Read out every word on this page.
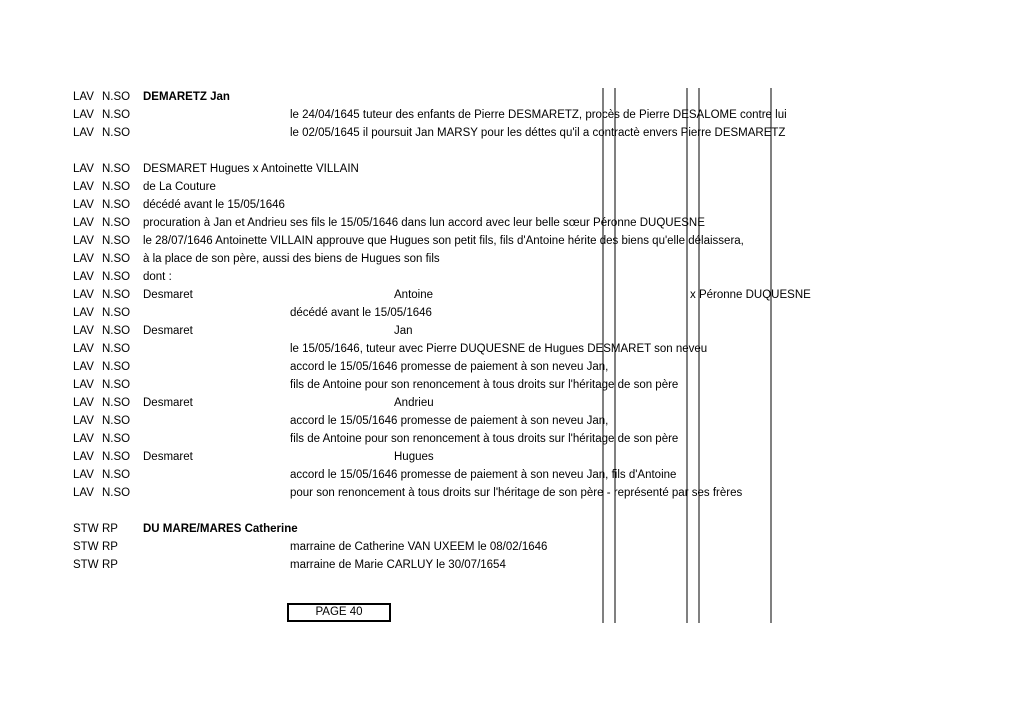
LAV N.SO DEMARETZ Jan
LAV N.SO	le 24/04/1645 tuteur des enfants de Pierre DESMARETZ, procès de Pierre DESALOME contre lui
LAV N.SO	le 02/05/1645 il poursuit Jan MARSY pour les déttes qu'il a contractè envers Pierre DESMARETZ
LAV N.SO DESMARET Hugues x Antoinette VILLAIN
LAV N.SO de La Couture
LAV N.SO décédé avant le 15/05/1646
LAV N.SO procuration à Jan et Andrieu ses fils le 15/05/1646 dans lun accord avec leur belle sœur Péronne DUQUESNE
LAV N.SO le 28/07/1646 Antoinette VILLAIN approuve que Hugues son petit fils, fils d'Antoine hérite des biens qu'elle délaissera,
LAV N.SO à la place de son père, aussi des biens de Hugues son fils
LAV N.SO dont :
LAV N.SO Desmaret	Antoine	x Péronne DUQUESNE
LAV N.SO	décédé avant le 15/05/1646
LAV N.SO Desmaret	Jan
LAV N.SO	le 15/05/1646, tuteur avec Pierre DUQUESNE de Hugues DESMARET son neveu
LAV N.SO	accord le 15/05/1646 promesse de paiement à son neveu Jan,
LAV N.SO	fils de Antoine pour son renoncement à tous droits sur l'héritage de son père
LAV N.SO Desmaret	Andrieu
LAV N.SO	accord le 15/05/1646 promesse de paiement à son neveu Jan,
LAV N.SO	fils de Antoine pour son renoncement à tous droits sur l'héritage de son père
LAV N.SO Desmaret	Hugues
LAV N.SO	accord le 15/05/1646 promesse de paiement à son neveu Jan, fils d'Antoine
LAV N.SO	pour son renoncement à tous droits sur l'héritage de son père - représenté par ses frères
STW RP DU MARE/MARES Catherine
STW RP	marraine de Catherine VAN UXEEM le 08/02/1646
STW RP	marraine de Marie CARLUY le 30/07/1654
PAGE 40
